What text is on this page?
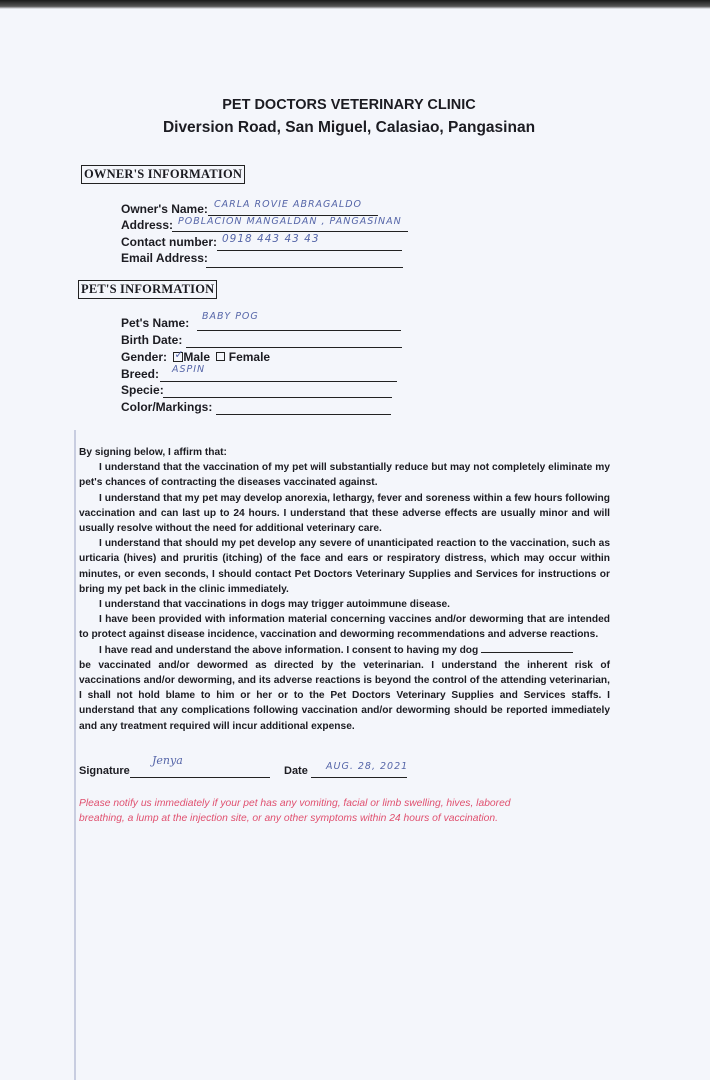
PET DOCTORS VETERINARY CLINIC
Diversion Road, San Miguel, Calasiao, Pangasinan
OWNER'S INFORMATION
Owner's Name: CARLA ROVIE ABRAGALDO
Address: POBLACION MANGALDAN , PANGASINAN
Contact number: 0918 443 43 43
Email Address:
PET'S INFORMATION
Pet's Name: BABY POG
Birth Date:
Gender: ✓ Male Female
Breed: ASPIN
Specie:
Color/Markings:

By signing below, I affirm that:

I understand that the vaccination of my pet will substantially reduce but may not completely eliminate my pet's chances of contracting the diseases vaccinated against.

I understand that my pet may develop anorexia, lethargy, fever and soreness within a few hours following vaccination and can last up to 24 hours. I understand that these adverse effects are usually minor and will usually resolve without the need for additional veterinary care.

I understand that should my pet develop any severe of unanticipated reaction to the vaccination, such as urticaria (hives) and pruritis (itching) of the face and ears or respiratory distress, which may occur within minutes, or even seconds, I should contact Pet Doctors Veterinary Supplies and Services for instructions or bring my pet back in the clinic immediately.

I understand that vaccinations in dogs may trigger autoimmune disease.

I have been provided with information material concerning vaccines and/or deworming that are intended to protect against disease incidence, vaccination and deworming recommendations and adverse reactions.

I have read and understand the above information. I consent to having my dog

be vaccinated and/or dewormed as directed by the veterinarian. I understand the inherent risk of vaccinations and/or deworming, and its adverse reactions is beyond the control of the attending veterinarian, I shall not hold blame to him or her or to the Pet Doctors Veterinary Supplies and Services staffs. I understand that any complications following vaccination and/or deworming should be reported immediately and any treatment required will incur additional expense.

Signature
Jenya
Date AUG. 28, 2021
Please notify us immediately if your pet has any vomiting, facial or limb swelling, hives, labored breathing, a lump at the injection site, or any other symptoms within 24 hours of vaccination.
